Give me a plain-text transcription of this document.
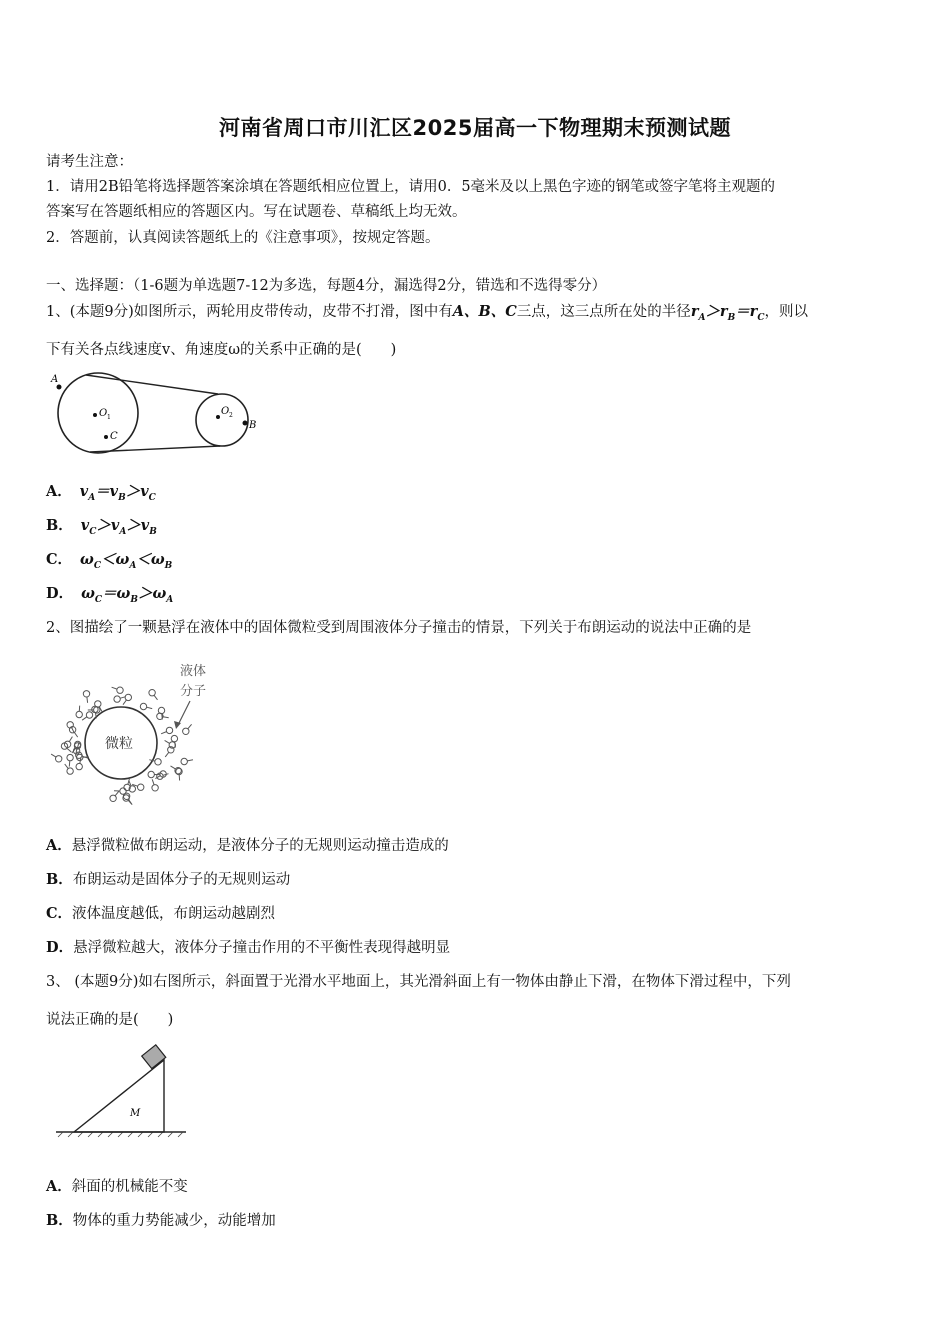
河南省周口市川汇区2025届高一下物理期末预测试题
请考生注意：
1．请用2B铅笔将选择题答案涂填在答题纸相应位置上，请用0．5毫米及以上黑色字迹的钢笔或签字笔将主观题的
答案写在答题纸相应的答题区内。写在试题卷、草稿纸上均无效。
2．答题前，认真阅读答题纸上的《注意事项》，按规定答题。
一、选择题：（1-6题为单选题7-12为多选，每题4分，漏选得2分，错选和不选得零分）
1、(本题9分)如图所示，两轮用皮带传动，皮带不打滑，图中有A、B、C三点，这三点所在处的半径$r_A>r_B=r_C$，则以
下有关各点线速度v、角速度ω的关系中正确的是(　　)
A
O 1
C
O 2
B
A． $v_A=v_B>v_C$
B． $v_C>v_A>v_B$
C． $\omega_C<\omega_A<\omega_B$
D． $\omega_C=\omega_B>\omega_A$
2、图描绘了一颗悬浮在液体中的固体微粒受到周围液体分子撞击的情景，下列关于布朗运动的说法中正确的是
微粒
液体
分子
A．悬浮微粒做布朗运动，是液体分子的无规则运动撞击造成的
B．布朗运动是固体分子的无规则运动
C．液体温度越低，布朗运动越剧烈
D．悬浮微粒越大，液体分子撞击作用的不平衡性表现得越明显
3、 (本题9分)如右图所示，斜面置于光滑水平地面上，其光滑斜面上有一物体由静止下滑，在物体下滑过程中，下列
说法正确的是(　　)
M
A．斜面的机械能不变
B．物体的重力势能减少，动能增加
